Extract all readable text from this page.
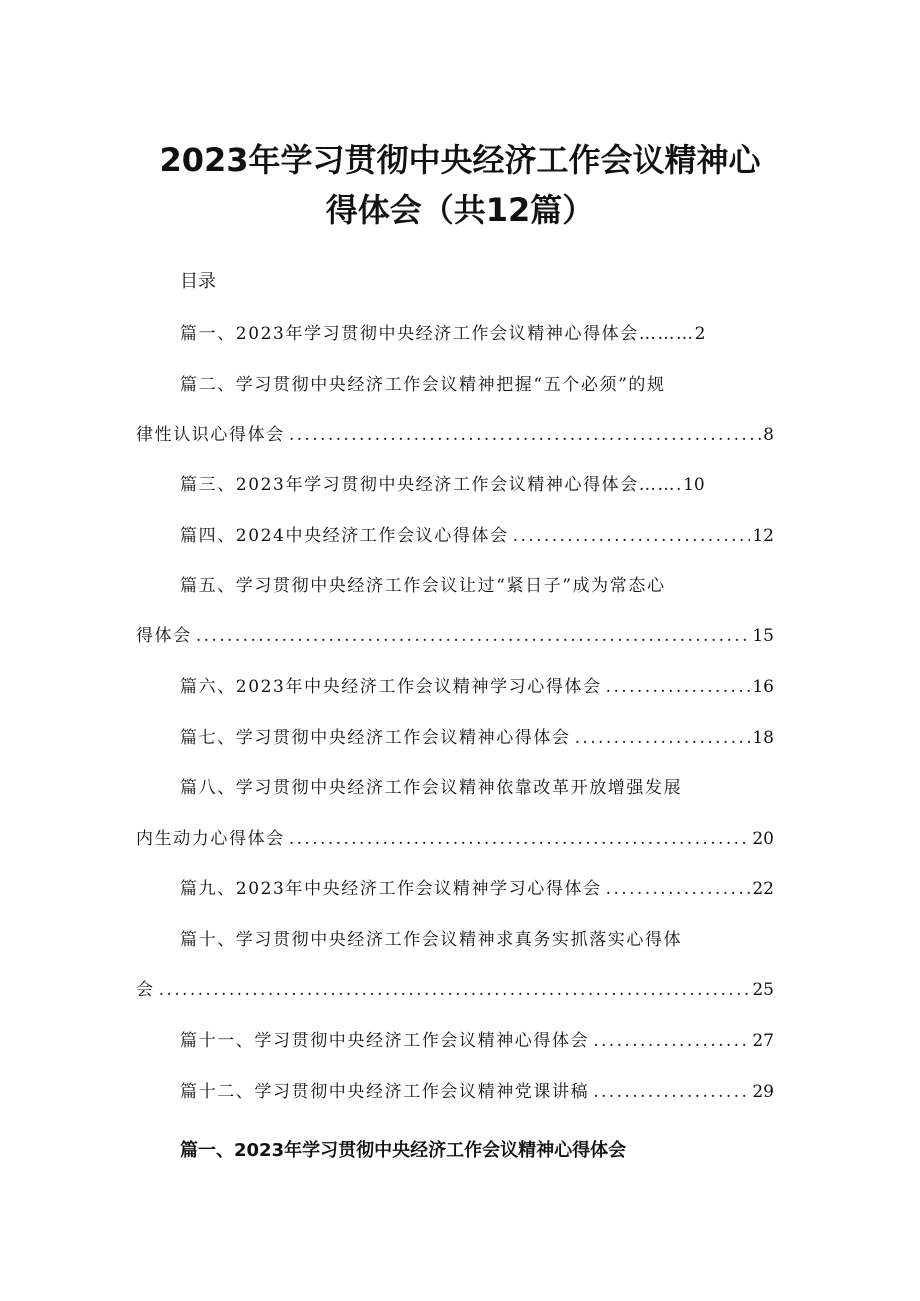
2023年学习贯彻中央经济工作会议精神心
得体会（共12篇）
目录
篇一、2023年学习贯彻中央经济工作会议精神心得体会……… 2
篇二、学习贯彻中央经济工作会议精神把握“五个必须”的规
律性认识心得体会 .....	8
篇三、2023年学习贯彻中央经济工作会议精神心得体会……. 10
篇四、2024中央经济工作会议心得体会 .....	12
篇五、学习贯彻中央经济工作会议让过“紧日子”成为常态心
得体会 .....	15
篇六、2023年中央经济工作会议精神学习心得体会 .....	16
篇七、学习贯彻中央经济工作会议精神心得体会 .....	18
篇八、学习贯彻中央经济工作会议精神依靠改革开放增强发展
内生动力心得体会 .....	20
篇九、2023年中央经济工作会议精神学习心得体会 .....	22
篇十、学习贯彻中央经济工作会议精神求真务实抓落实心得体
会 .....	25
篇十一、学习贯彻中央经济工作会议精神心得体会 .....	27
篇十二、学习贯彻中央经济工作会议精神党课讲稿 .....	29
篇一、2023年学习贯彻中央经济工作会议精神心得体会
